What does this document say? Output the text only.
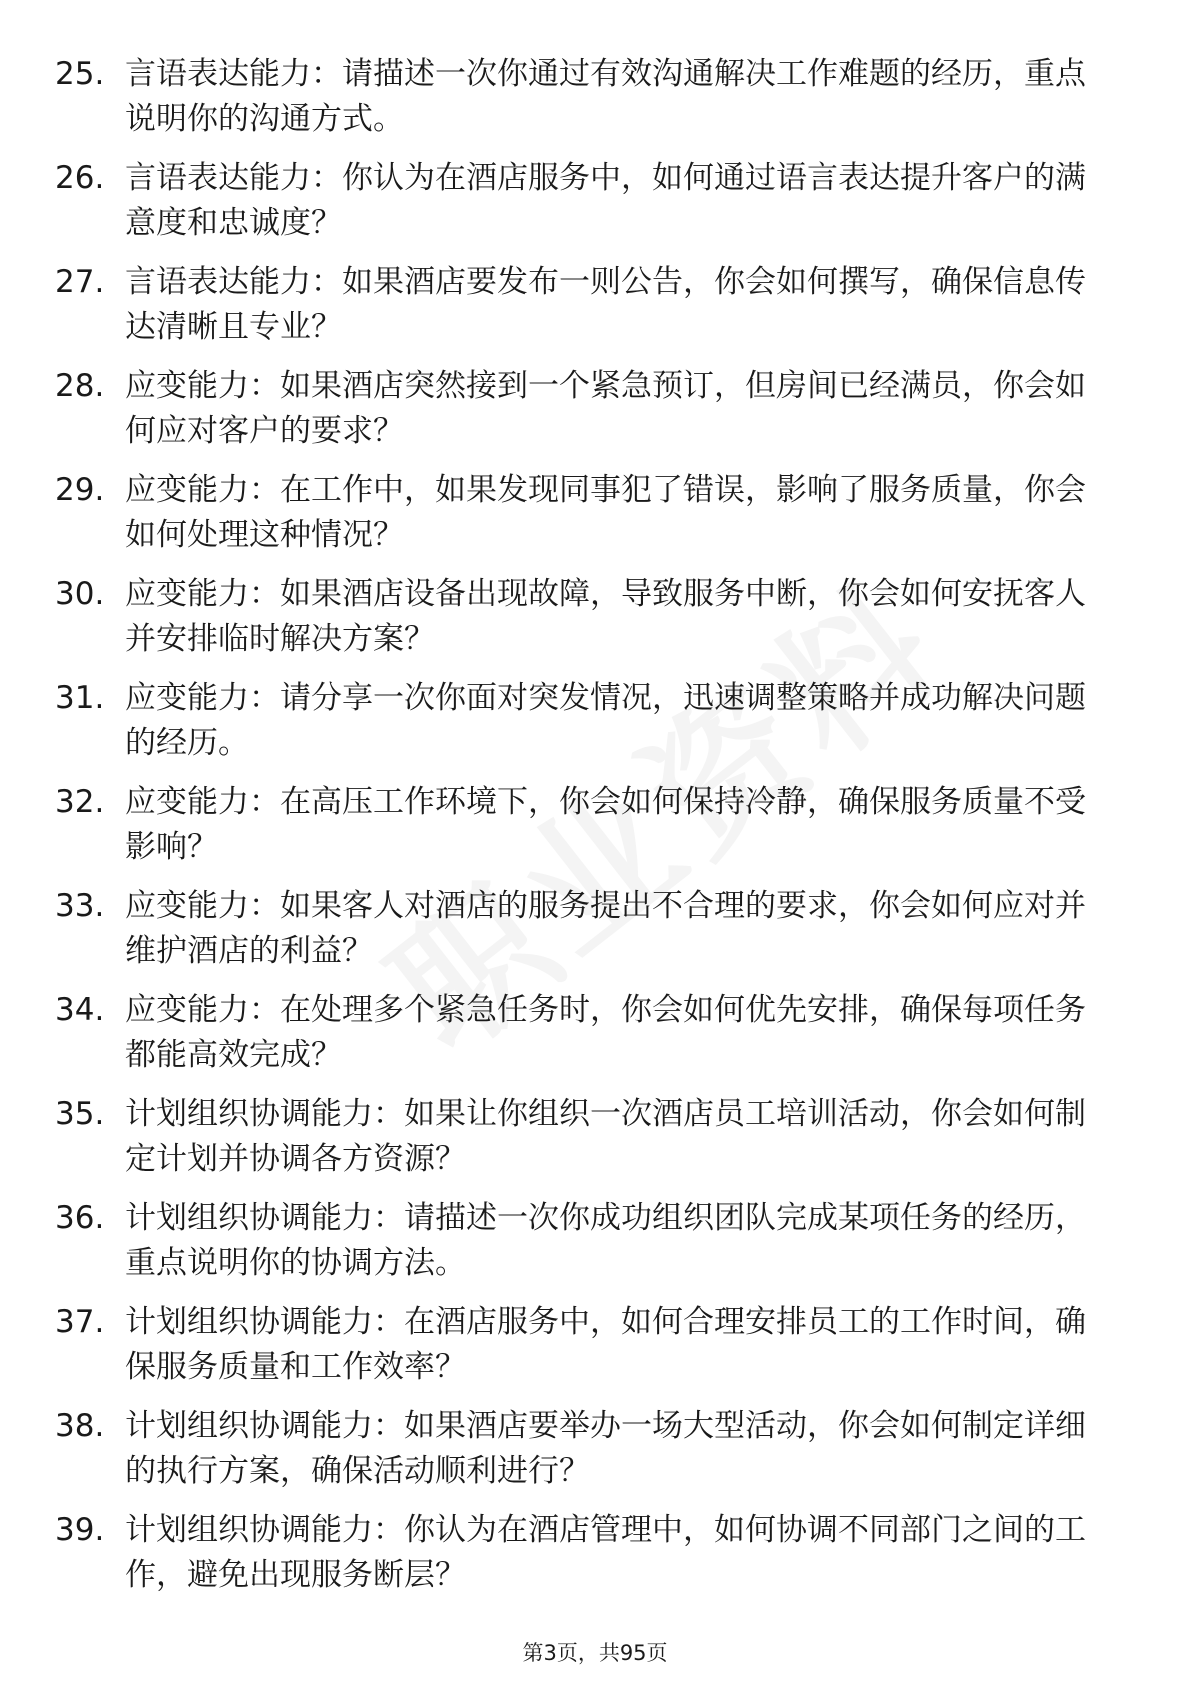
25. 言语表达能力：请描述一次你通过有效沟通解决工作难题的经历，重点说明你的沟通方式。
26. 言语表达能力：你认为在酒店服务中，如何通过语言表达提升客户的满意度和忠诚度？
27. 言语表达能力：如果酒店要发布一则公告，你会如何撰写，确保信息传达清晰且专业？
28. 应变能力：如果酒店突然接到一个紧急预订，但房间已经满员，你会如何应对客户的要求？
29. 应变能力：在工作中，如果发现同事犯了错误，影响了服务质量，你会如何处理这种情况？
30. 应变能力：如果酒店设备出现故障，导致服务中断，你会如何安抚客人并安排临时解决方案？
31. 应变能力：请分享一次你面对突发情况，迅速调整策略并成功解决问题的经历。
32. 应变能力：在高压工作环境下，你会如何保持冷静，确保服务质量不受影响？
33. 应变能力：如果客人对酒店的服务提出不合理的要求，你会如何应对并维护酒店的利益？
34. 应变能力：在处理多个紧急任务时，你会如何优先安排，确保每项任务都能高效完成？
35. 计划组织协调能力：如果让你组织一次酒店员工培训活动，你会如何制定计划并协调各方资源？
36. 计划组织协调能力：请描述一次你成功组织团队完成某项任务的经历，重点说明你的协调方法。
37. 计划组织协调能力：在酒店服务中，如何合理安排员工的工作时间，确保服务质量和工作效率？
38. 计划组织协调能力：如果酒店要举办一场大型活动，你会如何制定详细的执行方案，确保活动顺利进行？
39. 计划组织协调能力：你认为在酒店管理中，如何协调不同部门之间的工作，避免出现服务断层？
第3页，共95页
